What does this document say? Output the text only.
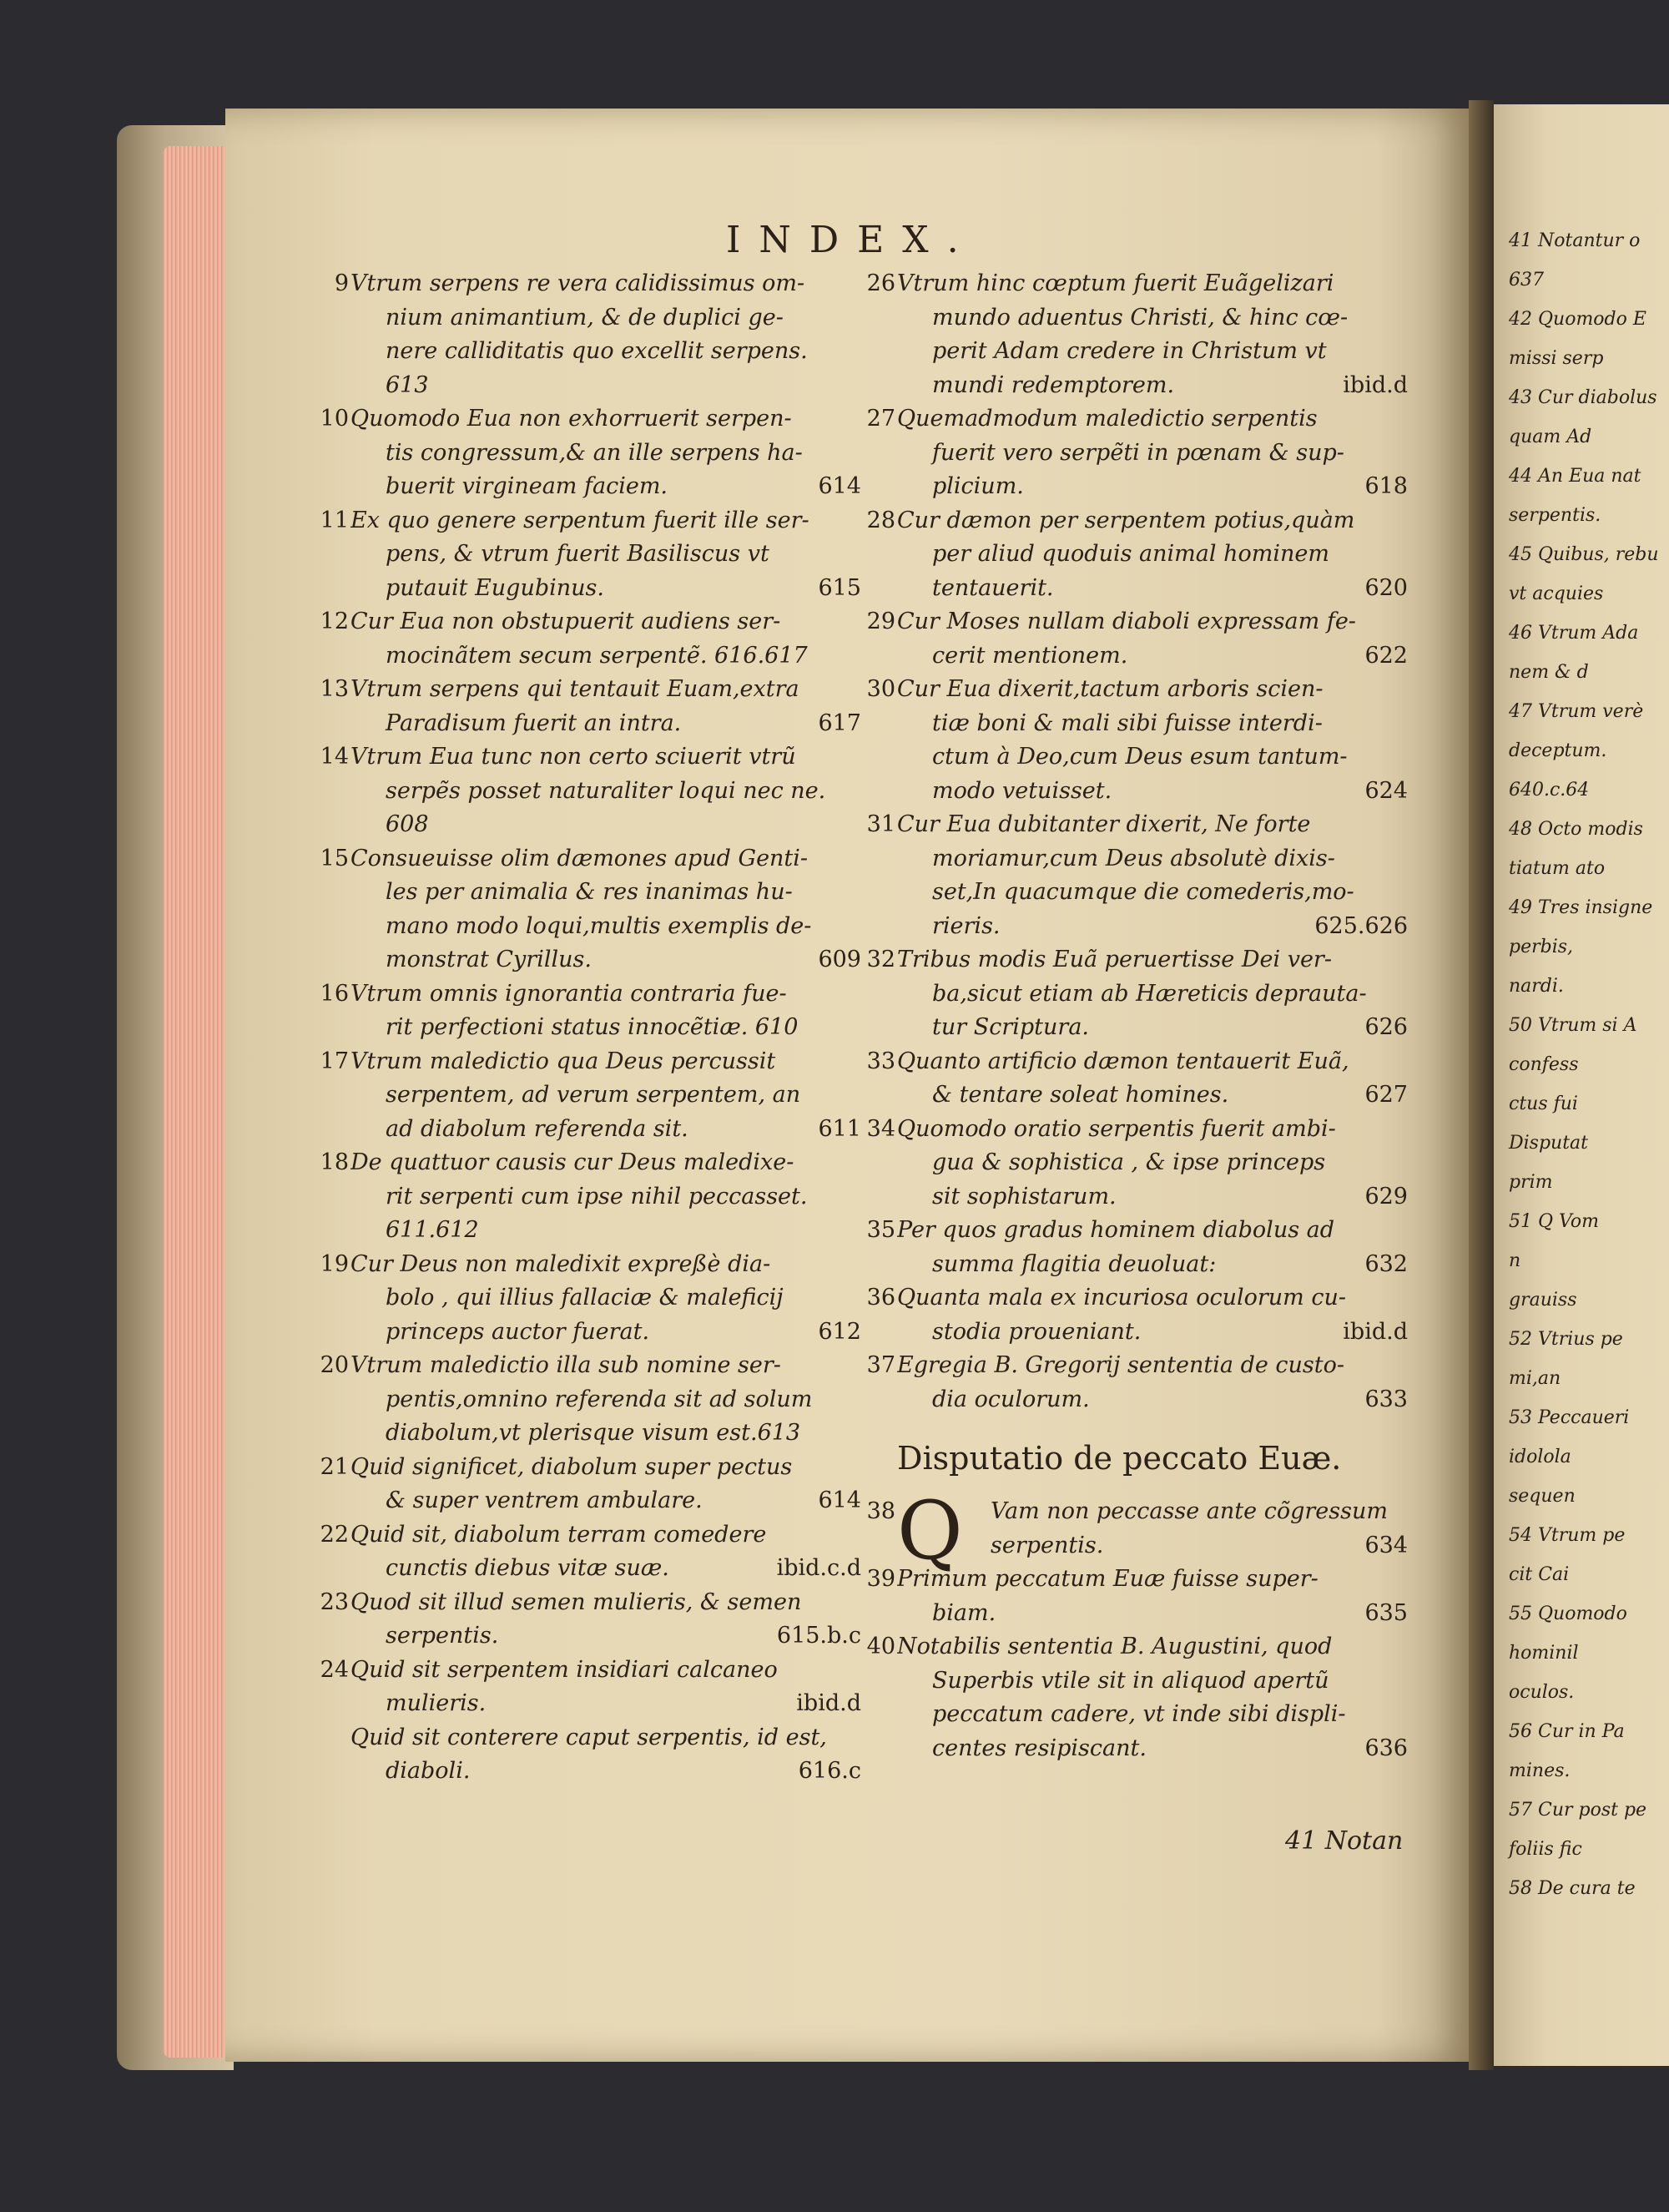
41 Notantur o
637
42 Quomodo E
missi serp
43 Cur diabolus
quam Ad
44 An Eua nat
serpentis.
45 Quibus, rebu
vt acquies
46 Vtrum Ada
nem & d
47 Vtrum verè
deceptum.
640.c.64
48 Octo modis
tiatum ato
49 Tres insigne
perbis,
nardi.
50 Vtrum si A
confess
ctus fui
Disputat
prim
51 Q Vom
n
grauiss
52 Vtrius pe
mi,an
53 Peccaueri
idolola
sequen
54 Vtrum pe
cit Cai
55 Quomodo
hominil
oculos.
56 Cur in Pa
mines.
57 Cur post pe
foliis fic
58 De cura te
INDEX.
9 Vtrum serpens re vera calidissimus om-
nium animantium, & de duplici ge-
nere calliditatis quo excellit serpens.
613
10 Quomodo Eua non exhorruerit serpen-
tis congressum,& an ille serpens ha-
614
buerit virgineam faciem.
11 Ex quo genere serpentum fuerit ille ser-
pens, & vtrum fuerit Basiliscus vt
615
putauit Eugubinus.
12 Cur Eua non obstupuerit audiens ser-
mocinãtem secum serpentẽ. 616.617
13 Vtrum serpens qui tentauit Euam,extra
617
Paradisum fuerit an intra.
14 Vtrum Eua tunc non certo sciuerit vtrũ
serpẽs posset naturaliter loqui nec ne.
608
15 Consueuisse olim dæmones apud Genti-
les per animalia & res inanimas hu-
mano modo loqui,multis exemplis de-
609
monstrat Cyrillus.
16 Vtrum omnis ignorantia contraria fue-
rit perfectioni status innocẽtiæ. 610
17 Vtrum maledictio qua Deus percussit
serpentem, ad verum serpentem, an
611
ad diabolum referenda sit.
18 De quattuor causis cur Deus maledixe-
rit serpenti cum ipse nihil peccasset.
611.612
19 Cur Deus non maledixit expreßè dia-
bolo , qui illius fallaciæ & maleficij
612
princeps auctor fuerat.
20 Vtrum maledictio illa sub nomine ser-
pentis,omnino referenda sit ad solum
diabolum,vt plerisque visum est.613
21 Quid significet, diabolum super pectus
614
& super ventrem ambulare.
22 Quid sit, diabolum terram comedere
ibid.c.d
cunctis diebus vitæ suæ.
23 Quod sit illud semen mulieris, & semen
615.b.c
serpentis.
24 Quid sit serpentem insidiari calcaneo
ibid.d
mulieris.
Quid sit conterere caput serpentis, id est,
616.c
diaboli.
26 Vtrum hinc cœptum fuerit Euãgelizari
mundo aduentus Christi, & hinc cœ-
perit Adam credere in Christum vt
ibid.d
mundi redemptorem.
27 Quemadmodum maledictio serpentis
fuerit vero serpẽti in pœnam & sup-
618
plicium.
28 Cur dæmon per serpentem potius,quàm
per aliud quoduis animal hominem
620
tentauerit.
29 Cur Moses nullam diaboli expressam fe-
622
cerit mentionem.
30 Cur Eua dixerit,tactum arboris scien-
tiæ boni & mali sibi fuisse interdi-
ctum à Deo,cum Deus esum tantum-
624
modo vetuisset.
31 Cur Eua dubitanter dixerit, Ne forte
moriamur,cum Deus absolutè dixis-
set,In quacumque die comederis,mo-
625.626
rieris.
32 Tribus modis Euã peruertisse Dei ver-
ba,sicut etiam ab Hæreticis deprauta-
626
tur Scriptura.
33 Quanto artificio dæmon tentauerit Euã,
627
& tentare soleat homines.
34 Quomodo oratio serpentis fuerit ambi-
gua & sophistica , & ipse princeps
629
sit sophistarum.
35 Per quos gradus hominem diabolus ad
632
summa flagitia deuoluat:
36 Quanta mala ex incuriosa oculorum cu-
ibid.d
stodia proueniant.
37 Egregia B. Gregorij sententia de custo-
633
dia oculorum.
Disputatio de peccato Euæ.
38 Q	Vam non peccasse ante cõgressum
634
serpentis.
39 Primum peccatum Euæ fuisse super-
635
biam.
40 Notabilis sententia B. Augustini, quod
Superbis vtile sit in aliquod apertũ
peccatum cadere, vt inde sibi displi-
636
centes resipiscant.
41 Notan
